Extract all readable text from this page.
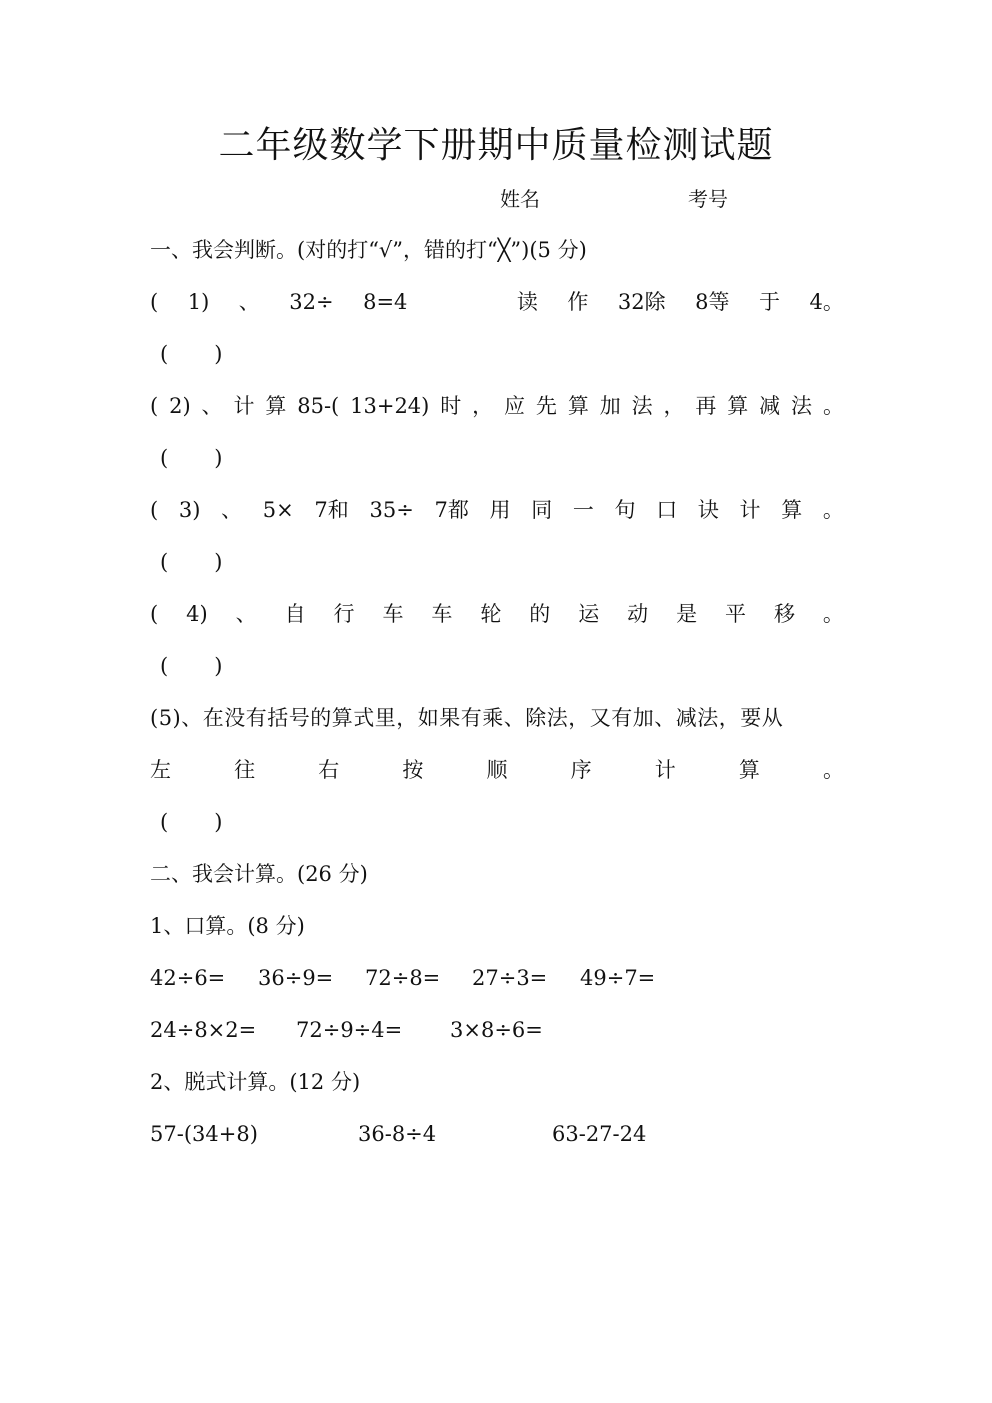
二年级数学下册期中质量检测试题
姓名	考号
一、我会判断。(对的打“√”，错的打“╳”)(5 分)
( 1) 、 32÷ 8=4	读 作 32除 8等 于 4。
( )
( 2) 、 计 算 85-( 13+24) 时 ， 应 先 算 加 法 ， 再 算 减 法 。
( )
( 3) 、 5× 7和 35÷ 7都 用 同 一 句 口 诀 计 算 。
( )
( 4) 、 自 行 车 车 轮 的 运 动 是 平 移 。
( )
(5)、在没有括号的算式里，如果有乘、除法，又有加、减法，要从
左	往	右	按	顺	序	计	算	。
( )
二、我会计算。(26 分)
1、口算。(8 分)
42÷6= 36÷9= 72÷8= 27÷3= 49÷7=
24÷8×2= 72÷9÷4= 3×8÷6=
2、脱式计算。(12 分)
57-(34+8)	36-8÷4	63-27-24
